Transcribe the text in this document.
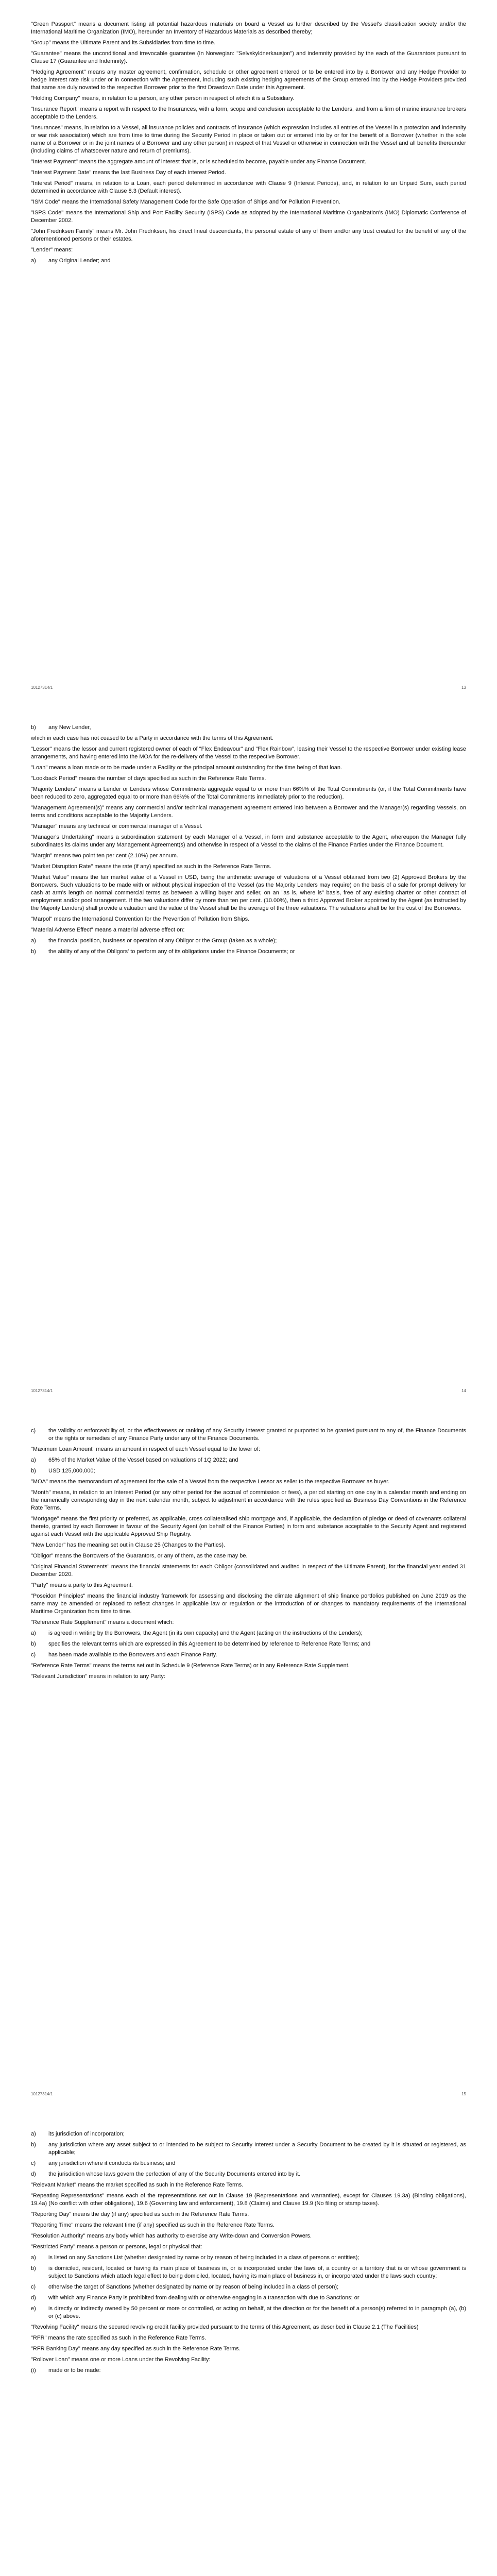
"Green Passport" means a document listing all potential hazardous materials on board a Vessel as further described by the Vessel's classification society and/or the International Maritime Organization (IMO), hereunder an Inventory of Hazardous Materials as described thereby;

"Group" means the Ultimate Parent and its Subsidiaries from time to time.

"Guarantee" means the unconditional and irrevocable guarantee (In Norwegian: "Selvskyldnerkausjon") and indemnity provided by the each of the Guarantors pursuant to Clause 17 (Guarantee and Indemnity).

"Hedging Agreement" means any master agreement, confirmation, schedule or other agreement entered or to be entered into by a Borrower and any Hedge Provider to hedge interest rate risk under or in connection with the Agreement, including such existing hedging agreements of the Group entered into by the Hedge Providers provided that same are duly novated to the respective Borrower prior to the first Drawdown Date under this Agreement.

"Holding Company" means, in relation to a person, any other person in respect of which it is a Subsidiary.

"Insurance Report" means a report with respect to the Insurances, with a form, scope and conclusion acceptable to the Lenders, and from a firm of marine insurance brokers acceptable to the Lenders.

"Insurances" means, in relation to a Vessel, all insurance policies and contracts of insurance (which expression includes all entries of the Vessel in a protection and indemnity or war risk association) which are from time to time during the Security Period in place or taken out or entered into by or for the benefit of a Borrower (whether in the sole name of a Borrower or in the joint names of a Borrower and any other person) in respect of that Vessel or otherwise in connection with the Vessel and all benefits thereunder (including claims of whatsoever nature and return of premiums).

"Interest Payment" means the aggregate amount of interest that is, or is scheduled to become, payable under any Finance Document.

"Interest Payment Date" means the last Business Day of each Interest Period.

"Interest Period" means, in relation to a Loan, each period determined in accordance with Clause 9 (Interest Periods), and, in relation to an Unpaid Sum, each period determined in accordance with Clause 8.3 (Default interest).

"ISM Code" means the International Safety Management Code for the Safe Operation of Ships and for Pollution Prevention.

"ISPS Code" means the International Ship and Port Facility Security (ISPS) Code as adopted by the International Maritime Organization's (IMO) Diplomatic Conference of December 2002.

"John Fredriksen Family" means Mr. John Fredriksen, his direct lineal descendants, the personal estate of any of them and/or any trust created for the benefit of any of the aforementioned persons or their estates.

"Lender" means:

a)	any Original Lender; and
10127314/1	13
b)	any New Lender,

which in each case has not ceased to be a Party in accordance with the terms of this Agreement.

"Lessor" means the lessor and current registered owner of each of "Flex Endeavour" and "Flex Rainbow", leasing their Vessel to the respective Borrower under existing lease arrangements, and having entered into the MOA for the re-delivery of the Vessel to the respective Borrower.

"Loan" means a loan made or to be made under a Facility or the principal amount outstanding for the time being of that loan.

"Lookback Period" means the number of days specified as such in the Reference Rate Terms.

"Majority Lenders" means a Lender or Lenders whose Commitments aggregate equal to or more than 66⅔% of the Total Commitments (or, if the Total Commitments have been reduced to zero, aggregated equal to or more than 66⅔% of the Total Commitments immediately prior to the reduction).

"Management Agreement(s)" means any commercial and/or technical management agreement entered into between a Borrower and the Manager(s) regarding Vessels, on terms and conditions acceptable to the Majority Lenders.

"Manager" means any technical or commercial manager of a Vessel.

"Manager's Undertaking" means a subordination statement by each Manager of a Vessel, in form and substance acceptable to the Agent, whereupon the Manager fully subordinates its claims under any Management Agreement(s) and otherwise in respect of a Vessel to the claims of the Finance Parties under the Finance Document.

"Margin" means two point ten per cent (2.10%) per annum.

"Market Disruption Rate" means the rate (if any) specified as such in the Reference Rate Terms.

"Market Value" means the fair market value of a Vessel in USD, being the arithmetic average of valuations of a Vessel obtained from two (2) Approved Brokers by the Borrowers. Such valuations to be made with or without physical inspection of the Vessel (as the Majority Lenders may require) on the basis of a sale for prompt delivery for cash at arm's length on normal commercial terms as between a willing buyer and seller, on an "as is, where is" basis, free of any existing charter or other contract of employment and/or pool arrangement. If the two valuations differ by more than ten per cent. (10.00%), then a third Approved Broker appointed by the Agent (as instructed by the Majority Lenders) shall provide a valuation and the value of the Vessel shall be the average of the three valuations. The valuations shall be for the cost of the Borrowers.

"Marpol" means the International Convention for the Prevention of Pollution from Ships.

"Material Adverse Effect" means a material adverse effect on:

a)	the financial position, business or operation of any Obligor or the Group (taken as a whole);
b)	the ability of any of the Obligors' to perform any of its obligations under the Finance Documents; or
10127314/1	14
c)	the validity or enforceability of, or the effectiveness or ranking of any Security Interest granted or purported to be granted pursuant to any of, the Finance Documents or the rights or remedies of any Finance Party under any of the Finance Documents.

"Maximum Loan Amount" means an amount in respect of each Vessel equal to the lower of:

a)	65% of the Market Value of the Vessel based on valuations of 1Q 2022; and
b)	USD 125,000,000;

"MOA" means the memorandum of agreement for the sale of a Vessel from the respective Lessor as seller to the respective Borrower as buyer.

"Month" means, in relation to an Interest Period (or any other period for the accrual of commission or fees), a period starting on one day in a calendar month and ending on the numerically corresponding day in the next calendar month, subject to adjustment in accordance with the rules specified as Business Day Conventions in the Reference Rate Terms.

"Mortgage" means the first priority or preferred, as applicable, cross collateralised ship mortgage and, if applicable, the declaration of pledge or deed of covenants collateral thereto, granted by each Borrower in favour of the Security Agent (on behalf of the Finance Parties) in form and substance acceptable to the Security Agent and registered against each Vessel with the applicable Approved Ship Registry.

"New Lender" has the meaning set out in Clause 25 (Changes to the Parties).

"Obligor" means the Borrowers of the Guarantors, or any of them, as the case may be.

"Original Financial Statements" means the financial statements for each Obligor (consolidated and audited in respect of the Ultimate Parent), for the financial year ended 31 December 2020.

"Party" means a party to this Agreement.

"Poseidon Principles" means the financial industry framework for assessing and disclosing the climate alignment of ship finance portfolios published on June 2019 as the same may be amended or replaced to reflect changes in applicable law or regulation or the introduction of or changes to mandatory requirements of the International Maritime Organization from time to time.

"Reference Rate Supplement" means a document which:

a)	is agreed in writing by the Borrowers, the Agent (in its own capacity) and the Agent (acting on the instructions of the Lenders);
b)	specifies the relevant terms which are expressed in this Agreement to be determined by reference to Reference Rate Terms; and
c)	has been made available to the Borrowers and each Finance Party.

"Reference Rate Terms" means the terms set out in Schedule 9 (Reference Rate Terms) or in any Reference Rate Supplement.

"Relevant Jurisdiction" means in relation to any Party:

10127314/1	15
a)	its jurisdiction of incorporation;
b)	any jurisdiction where any asset subject to or intended to be subject to Security Interest under a Security Document to be created by it is situated or registered, as applicable;
c)	any jurisdiction where it conducts its business; and
d)	the jurisdiction whose laws govern the perfection of any of the Security Documents entered into by it.

"Relevant Market" means the market specified as such in the Reference Rate Terms.

"Repeating Representations" means each of the representations set out in Clause 19 (Representations and warranties), except for Clauses 19.3a) (Binding obligations), 19.4a) (No conflict with other obligations), 19.6 (Governing law and enforcement), 19.8 (Claims) and Clause 19.9 (No filing or stamp taxes).

"Reporting Day" means the day (if any) specified as such in the Reference Rate Terms.

"Reporting Time" means the relevant time (if any) specified as such in the Reference Rate Terms.

"Resolution Authority" means any body which has authority to exercise any Write-down and Conversion Powers.

"Restricted Party" means a person or persons, legal or physical that:

a)	is listed on any Sanctions List (whether designated by name or by reason of being included in a class of persons or entities);
b)	is domiciled, resident, located or having its main place of business in, or is incorporated under the laws of, a country or a territory that is or whose government is subject to Sanctions which attach legal effect to being domiciled, located, having its main place of business in, or incorporated under the laws such country;
c)	otherwise the target of Sanctions (whether designated by name or by reason of being included in a class of person);
d)	with which any Finance Party is prohibited from dealing with or otherwise engaging in a transaction with due to Sanctions; or
e)	is directly or indirectly owned by 50 percent or more or controlled, or acting on behalf, at the direction or for the benefit of a person(s) referred to in paragraph (a), (b) or (c) above.

"Revolving Facility" means the secured revolving credit facility provided pursuant to the terms of this Agreement, as described in Clause 2.1 (The Facilities)

"RFR" means the rate specified as such in the Reference Rate Terms.

"RFR Banking Day" means any day specified as such in the Reference Rate Terms.

"Rollover Loan" means one or more Loans under the Revolving Facility:

(i)	made or to be made:
